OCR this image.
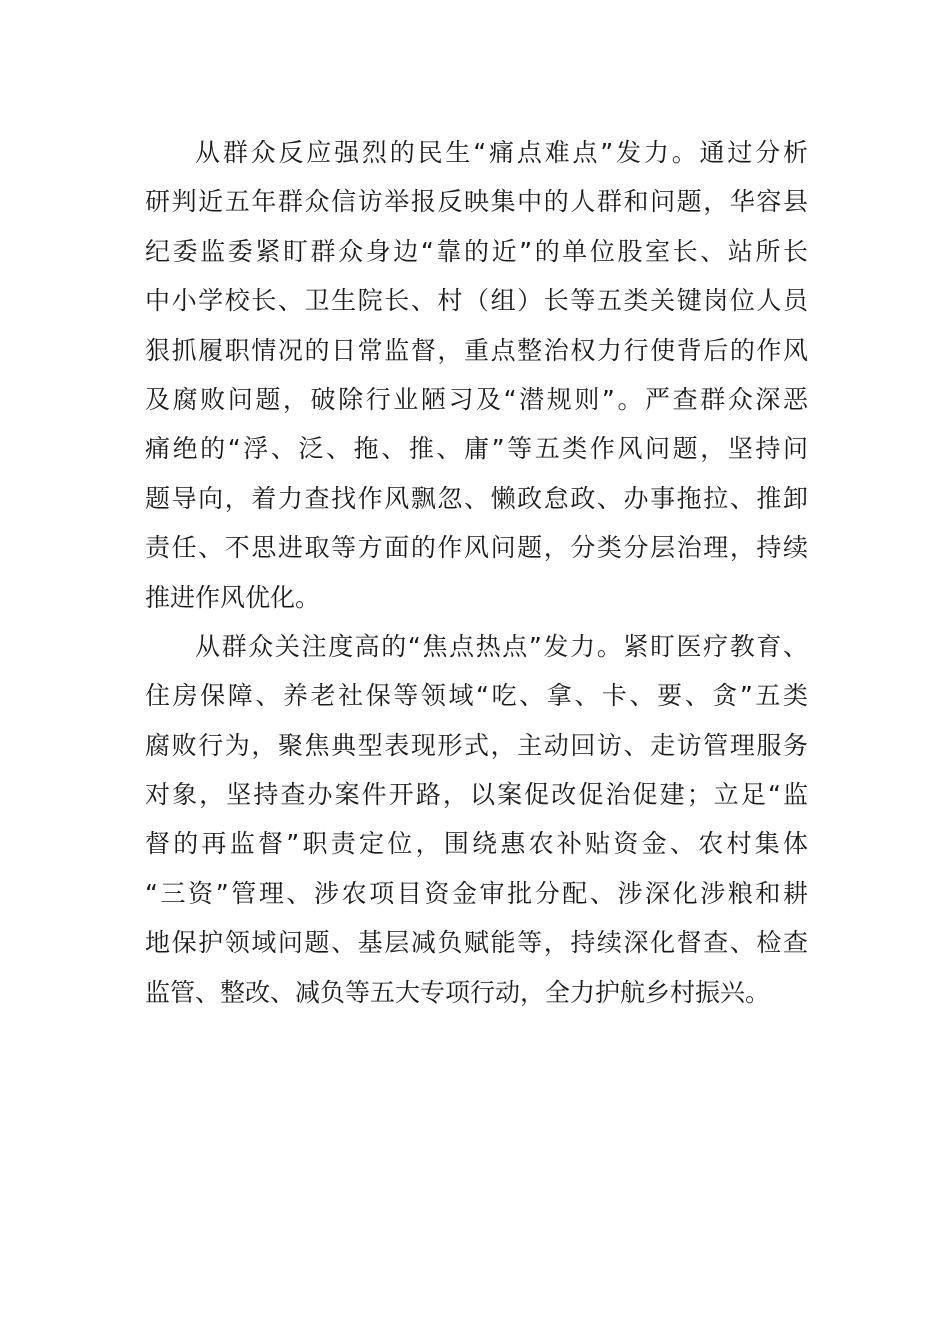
从群众反应强烈的民生“痛点难点”发力。通过分析
研判近五年群众信访举报反映集中的人群和问题，华容县
纪委监委紧盯群众身边“靠的近”的单位股室长、站所长
中小学校长、卫生院长、村（组）长等五类关键岗位人员
狠抓履职情况的日常监督，重点整治权力行使背后的作风
及腐败问题，破除行业陋习及“潜规则”。严查群众深恶
痛绝的“浮、泛、拖、推、庸”等五类作风问题，坚持问
题导向，着力查找作风飘忽、懒政怠政、办事拖拉、推卸
责任、不思进取等方面的作风问题，分类分层治理，持续
推进作风优化。
从群众关注度高的“焦点热点”发力。紧盯医疗教育、
住房保障、养老社保等领域“吃、拿、卡、要、贪”五类
腐败行为，聚焦典型表现形式，主动回访、走访管理服务
对象，坚持查办案件开路，以案促改促治促建；立足“监
督的再监督”职责定位，围绕惠农补贴资金、农村集体
“三资”管理、涉农项目资金审批分配、涉深化涉粮和耕
地保护领域问题、基层减负赋能等，持续深化督查、检查
监管、整改、减负等五大专项行动，全力护航乡村振兴。
